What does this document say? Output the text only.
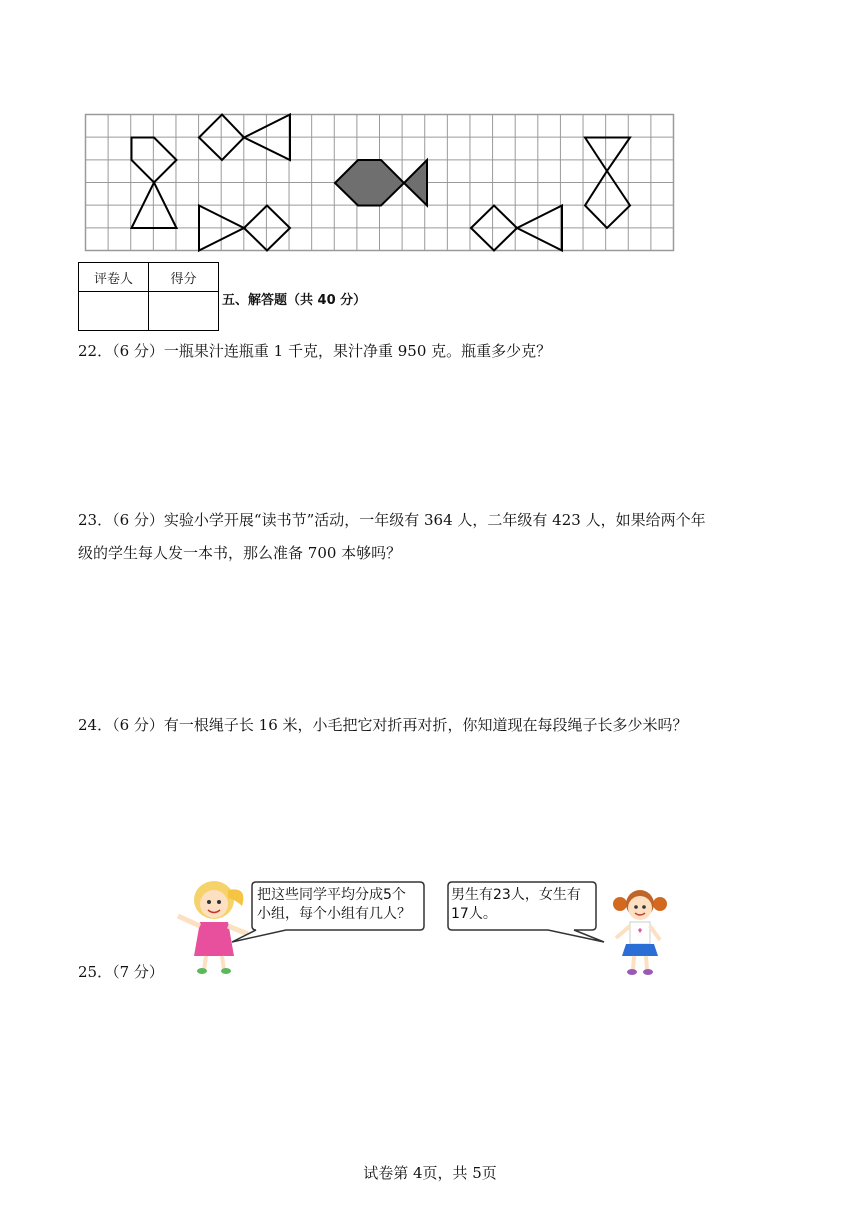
评卷人	得分

五、解答题（共 40 分）
22．（6 分）一瓶果汁连瓶重 1 千克，果汁净重 950 克。瓶重多少克？
23．（6 分）实验小学开展“读书节”活动，一年级有 364 人，二年级有 423 人，如果给两个年
级的学生每人发一本书，那么准备 700 本够吗？
24．（6 分）有一根绳子长 16 米，小毛把它对折再对折，你知道现在每段绳子长多少米吗？
把这些同学平均分成5个
小组，每个小组有几人？
男生有23人，女生有
17人。
25．（7 分）
试卷第 4页，共 5页
